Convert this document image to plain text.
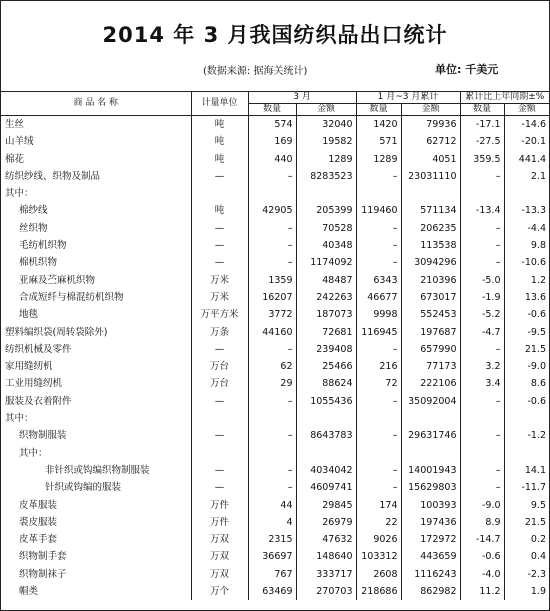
2014 年 3 月我国纺织品出口统计
(数据来源: 据海关统计)	单位: 千美元
商 品 名 称	计量单位	3 月		1 月~3 月累计		累计比上年同期±%	
		数量	金额	数量	金额	数量	金额
生丝	吨	574	32040	1420	79936	-17.1	-14.6
山羊绒	吨	169	19582	571	62712	-27.5	-20.1
棉花	吨	440	1289	1289	4051	359.5	441.4
纺织纱线、织物及制品	—	–	8283523	–	23031110	–	2.1
其中：							
棉纱线	吨	42905	205399	119460	571134	-13.4	-13.3
丝织物	—	–	70528	–	206235	–	-4.4
毛纺机织物	—	–	40348	–	113538	–	9.8
棉机织物	—	–	1174092	–	3094296	–	-10.6
亚麻及苎麻机织物	万米	1359	48487	6343	210396	-5.0	1.2
合成短纤与棉混纺机织物	万米	16207	242263	46677	673017	-1.9	13.6
地毯	万平方米	3772	187073	9998	552453	-5.2	-0.6
塑料编织袋(周转袋除外)	万条	44160	72681	116945	197687	-4.7	-9.5
纺织机械及零件	—	–	239408	–	657990	–	21.5
家用缝纫机	万台	62	25466	216	77173	3.2	-9.0
工业用缝纫机	万台	29	88624	72	222106	3.4	8.6
服装及衣着附件	—	–	1055436	–	35092004	–	-0.6
其中：							
织物制服装	—	–	8643783	–	29631746	–	-1.2
其中：							
非针织或钩编织物制服装	—	–	4034042	–	14001943	–	14.1
针织或钩编的服装	—	–	4609741	–	15629803	–	-11.7
皮革服装	万件	44	29845	174	100393	-9.0	9.5
裘皮服装	万件	4	26979	22	197436	8.9	21.5
皮革手套	万双	2315	47632	9026	172972	-14.7	0.2
织物制手套	万双	36697	148640	103312	443659	-0.6	0.4
织物制袜子	万双	767	333717	2608	1116243	-4.0	-2.3
帽类	万个	63469	270703	218686	862982	11.2	1.9
